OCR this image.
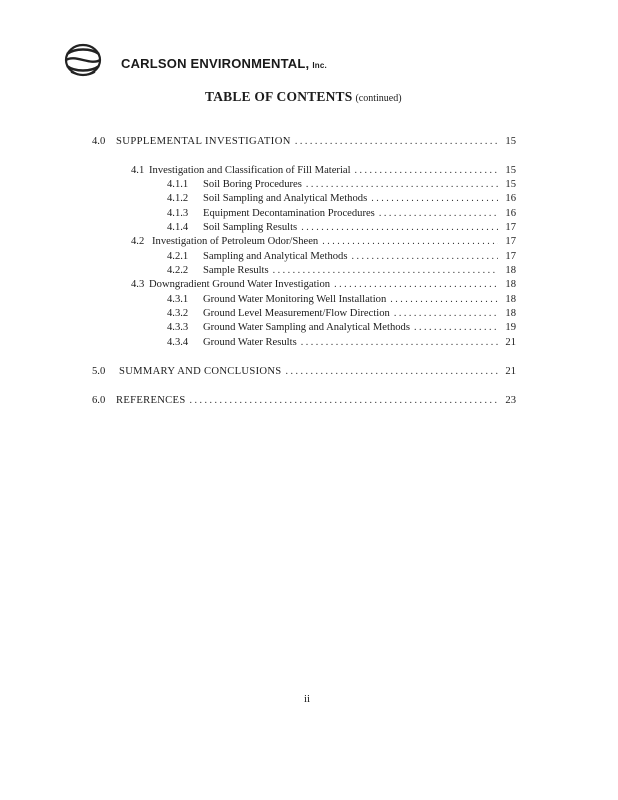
CARLSON ENVIRONMENTAL, Inc.
TABLE OF CONTENTS (continued)
4.0	SUPPLEMENTAL INVESTIGATION . . .	15
4.1 Investigation and Classification of Fill Material . . .	15
4.1.1	Soil Boring Procedures . . .	15
4.1.2	Soil Sampling and Analytical Methods . . .	16
4.1.3	Equipment Decontamination Procedures . . .	16
4.1.4	Soil Sampling Results . . .	17
4.2 Investigation of Petroleum Odor/Sheen . . .	17
4.2.1	Sampling and Analytical Methods . . .	17
4.2.2	Sample Results . . .	18
4.3 Downgradient Ground Water Investigation . . .	18
4.3.1	Ground Water Monitoring Well Installation . . .	18
4.3.2	Ground Level Measurement/Flow Direction . . .	18
4.3.3	Ground Water Sampling and Analytical Methods . . .	19
4.3.4	Ground Water Results . . .	21
5.0	SUMMARY AND CONCLUSIONS . . .	21
6.0	REFERENCES . . .	23
ii
